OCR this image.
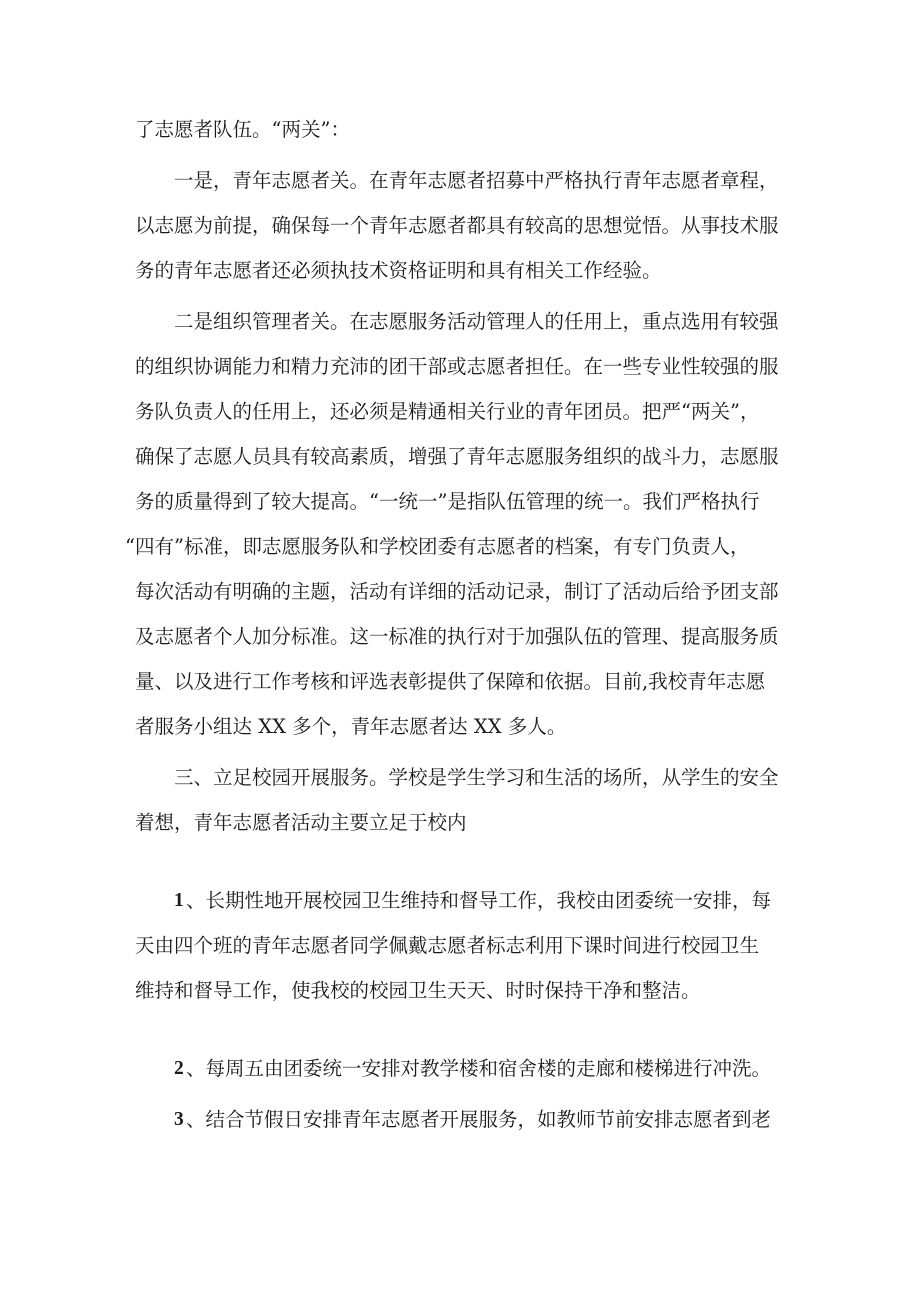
了志愿者队伍。“两关”：
一是，青年志愿者关。在青年志愿者招募中严格执行青年志愿者章程，
以志愿为前提，确保每一个青年志愿者都具有较高的思想觉悟。从事技术服
务的青年志愿者还必须执技术资格证明和具有相关工作经验。
二是组织管理者关。在志愿服务活动管理人的任用上，重点选用有较强
的组织协调能力和精力充沛的团干部或志愿者担任。在一些专业性较强的服
务队负责人的任用上，还必须是精通相关行业的青年团员。把严“两关”，
确保了志愿人员具有较高素质，增强了青年志愿服务组织的战斗力，志愿服
务的质量得到了较大提高。“一统一”是指队伍管理的统一。我们严格执行
“四有”标准，即志愿服务队和学校团委有志愿者的档案，有专门负责人，
每次活动有明确的主题，活动有详细的活动记录，制订了活动后给予团支部
及志愿者个人加分标准。这一标准的执行对于加强队伍的管理、提高服务质
量、以及进行工作考核和评选表彰提供了保障和依据。目前,我校青年志愿
者服务小组达 XX 多个，青年志愿者达 XX 多人。
三、立足校园开展服务。学校是学生学习和生活的场所，从学生的安全
着想，青年志愿者活动主要立足于校内
1 、长期性地开展校园卫生维持和督导工作，我校由团委统一安排，每
天由四个班的青年志愿者同学佩戴志愿者标志利用下课时间进行校园卫生
维持和督导工作，使我校的校园卫生天天、时时保持干净和整洁。
2 、每周五由团委统一安排对教学楼和宿舍楼的走廊和楼梯进行冲洗。
3 、结合节假日安排青年志愿者开展服务，如教师节前安排志愿者到老
